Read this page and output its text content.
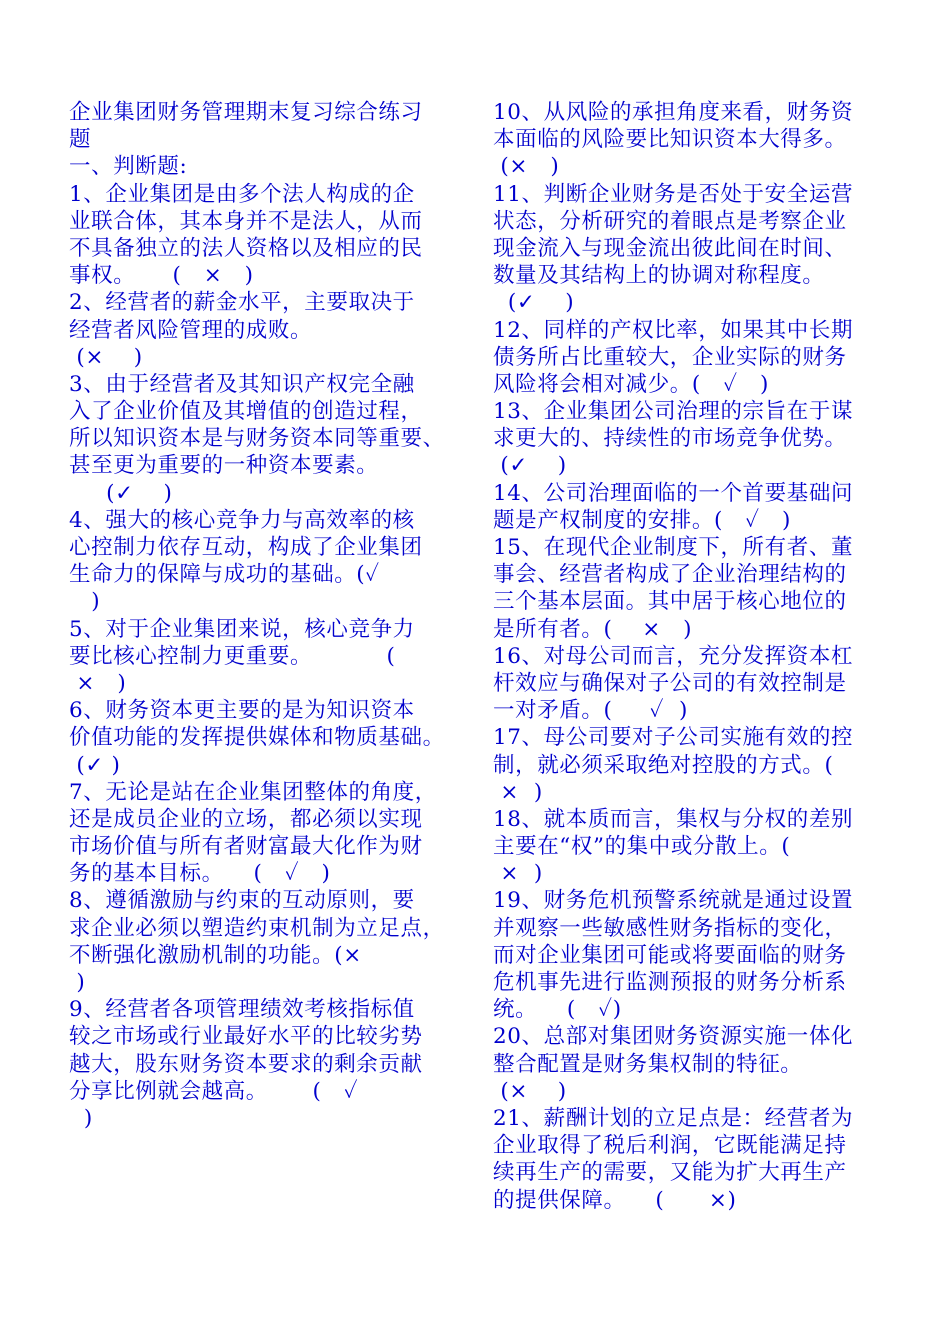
企业集团财务管理期末复习综合练习
题
一、判断题:
1、企业集团是由多个法人构成的企
业联合体，其本身并不是法人，从而
不具备独立的法人资格以及相应的民
事权。     (   ×   )
2、经营者的薪金水平，主要取决于
经营者风险管理的成败。
(×    )
3、由于经营者及其知识产权完全融
入了企业价值及其增值的创造过程，
所以知识资本是与财务资本同等重要、
甚至更为重要的一种资本要素。
(✓    )
4、强大的核心竞争力与高效率的核
心控制力依存互动，构成了企业集团
生命力的保障与成功的基础。(✓
)
5、对于企业集团来说，核心竞争力
要比核心控制力更重要。          (
×   )
6、财务资本更主要的是为知识资本
价值功能的发挥提供媒体和物质基础。
(✓ )
7、无论是站在企业集团整体的角度，
还是成员企业的立场，都必须以实现
市场价值与所有者财富最大化作为财
务的基本目标。    (   ✓   )
8、遵循激励与约束的互动原则，要
求企业必须以塑造约束机制为立足点，
不断强化激励机制的功能。(×
)
9、经营者各项管理绩效考核指标值
较之市场或行业最好水平的比较劣势
越大，股东财务资本要求的剩余贡献
分享比例就会越高。      (   ✓
)
10、从风险的承担角度来看，财务资
本面临的风险要比知识资本大得多。
(×   )
11、判断企业财务是否处于安全运营
状态，分析研究的着眼点是考察企业
现金流入与现金流出彼此间在时间、
数量及其结构上的协调对称程度。
(✓    )
12、同样的产权比率，如果其中长期
债务所占比重较大，企业实际的财务
风险将会相对减少。(   ✓   )
13、企业集团公司治理的宗旨在于谋
求更大的、持续性的市场竞争优势。
(✓    )
14、公司治理面临的一个首要基础问
题是产权制度的安排。(   ✓   )
15、在现代企业制度下，所有者、董
事会、经营者构成了企业治理结构的
三个基本层面。其中居于核心地位的
是所有者。(    ×   )
16、对母公司而言，充分发挥资本杠
杆效应与确保对子公司的有效控制是
一对矛盾。(     ✓  )
17、母公司要对子公司实施有效的控
制，就必须采取绝对控股的方式。(
×  )
18、就本质而言，集权与分权的差别
主要在“权”的集中或分散上。(
×  )
19、财务危机预警系统就是通过设置
并观察一些敏感性财务指标的变化，
而对企业集团可能或将要面临的财务
危机事先进行监测预报的财务分析系
统。    (   ✓)
20、总部对集团财务资源实施一体化
整合配置是财务集权制的特征。
(×    )
21、薪酬计划的立足点是：经营者为
企业取得了税后利润，它既能满足持
续再生产的需要，又能为扩大再生产
的提供保障。    (      ×)
